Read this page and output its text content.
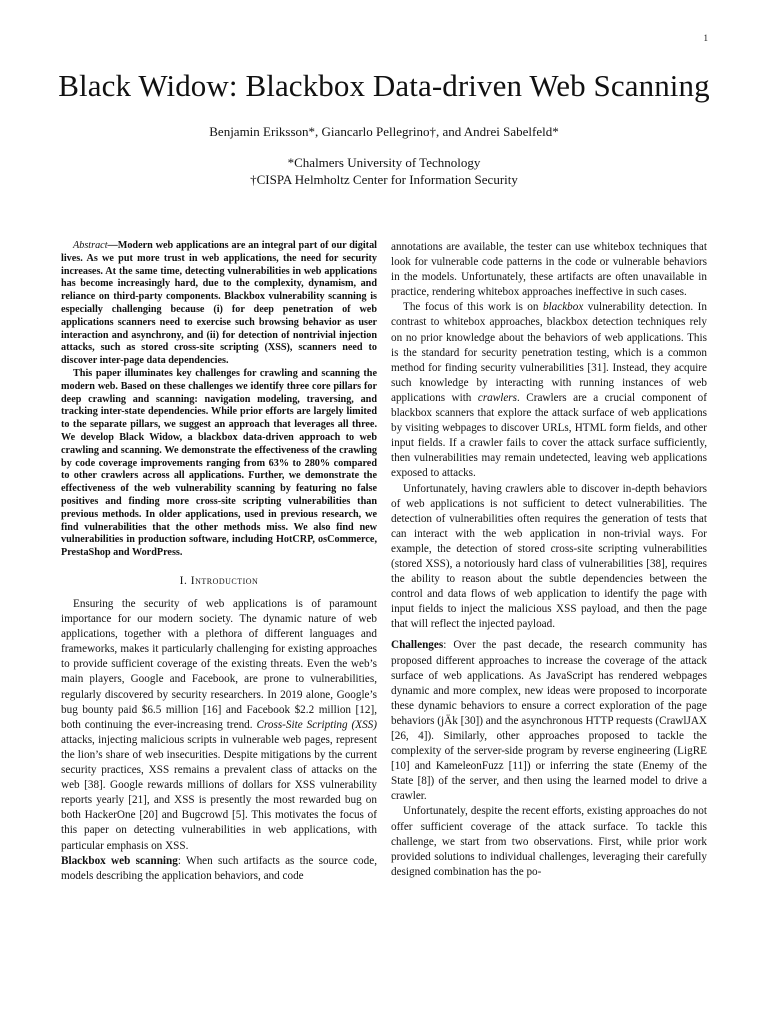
1
Black Widow: Blackbox Data-driven Web Scanning
Benjamin Eriksson*, Giancarlo Pellegrino†, and Andrei Sabelfeld*
*Chalmers University of Technology
†CISPA Helmholtz Center for Information Security

Abstract—Modern web applications are an integral part of our digital lives. As we put more trust in web applications, the need for security increases. At the same time, detecting vulnerabilities in web applications has become increasingly hard, due to the complexity, dynamism, and reliance on third-party components. Blackbox vulnerability scanning is especially challenging because (i) for deep penetration of web applications scanners need to exercise such browsing behavior as user interaction and asynchrony, and (ii) for detection of nontrivial injection attacks, such as stored cross-site scripting (XSS), scanners need to discover inter-page data dependencies.

This paper illuminates key challenges for crawling and scanning the modern web. Based on these challenges we identify three core pillars for deep crawling and scanning: navigation modeling, traversing, and tracking inter-state dependencies. While prior efforts are largely limited to the separate pillars, we suggest an approach that leverages all three. We develop Black Widow, a blackbox data-driven approach to web crawling and scanning. We demonstrate the effectiveness of the crawling by code coverage improvements ranging from 63% to 280% compared to other crawlers across all applications. Further, we demonstrate the effectiveness of the web vulnerability scanning by featuring no false positives and finding more cross-site scripting vulnerabilities than previous methods. In older applications, used in previous research, we find vulnerabilities that the other methods miss. We also find new vulnerabilities in production software, including HotCRP, osCommerce, PrestaShop and WordPress.

I. Introduction

Ensuring the security of web applications is of paramount importance for our modern society. The dynamic nature of web applications, together with a plethora of different languages and frameworks, makes it particularly challenging for existing approaches to provide sufficient coverage of the existing threats. Even the web’s main players, Google and Facebook, are prone to vulnerabilities, regularly discovered by security researchers. In 2019 alone, Google’s bug bounty paid $6.5 million [16] and Facebook $2.2 million [12], both continuing the ever-increasing trend. Cross-Site Scripting (XSS) attacks, injecting malicious scripts in vulnerable web pages, represent the lion’s share of web insecurities. Despite mitigations by the current security practices, XSS remains a prevalent class of attacks on the web [38]. Google rewards millions of dollars for XSS vulnerability reports yearly [21], and XSS is presently the most rewarded bug on both HackerOne [20] and Bugcrowd [5]. This motivates the focus of this paper on detecting vulnerabilities in web applications, with particular emphasis on XSS.

Blackbox web scanning: When such artifacts as the source code, models describing the application behaviors, and code

annotations are available, the tester can use whitebox techniques that look for vulnerable code patterns in the code or vulnerable behaviors in the models. Unfortunately, these artifacts are often unavailable in practice, rendering whitebox approaches ineffective in such cases.

The focus of this work is on blackbox vulnerability detection. In contrast to whitebox approaches, blackbox detection techniques rely on no prior knowledge about the behaviors of web applications. This is the standard for security penetration testing, which is a common method for finding security vulnerabilities [31]. Instead, they acquire such knowledge by interacting with running instances of web applications with crawlers. Crawlers are a crucial component of blackbox scanners that explore the attack surface of web applications by visiting webpages to discover URLs, HTML form fields, and other input fields. If a crawler fails to cover the attack surface sufficiently, then vulnerabilities may remain undetected, leaving web applications exposed to attacks.

Unfortunately, having crawlers able to discover in-depth behaviors of web applications is not sufficient to detect vulnerabilities. The detection of vulnerabilities often requires the generation of tests that can interact with the web application in non-trivial ways. For example, the detection of stored cross-site scripting vulnerabilities (stored XSS), a notoriously hard class of vulnerabilities [38], requires the ability to reason about the subtle dependencies between the control and data flows of web application to identify the page with input fields to inject the malicious XSS payload, and then the page that will reflect the injected payload.

Challenges: Over the past decade, the research community has proposed different approaches to increase the coverage of the attack surface of web applications. As JavaScript has rendered webpages dynamic and more complex, new ideas were proposed to incorporate these dynamic behaviors to ensure a correct exploration of the page behaviors (jÄk [30]) and the asynchronous HTTP requests (CrawlJAX [26, 4]). Similarly, other approaches proposed to tackle the complexity of the server-side program by reverse engineering (LigRE [10] and KameleonFuzz [11]) or inferring the state (Enemy of the State [8]) of the server, and then using the learned model to drive a crawler.

Unfortunately, despite the recent efforts, existing approaches do not offer sufficient coverage of the attack surface. To tackle this challenge, we start from two observations. First, while prior work provided solutions to individual challenges, leveraging their carefully designed combination has the po-
